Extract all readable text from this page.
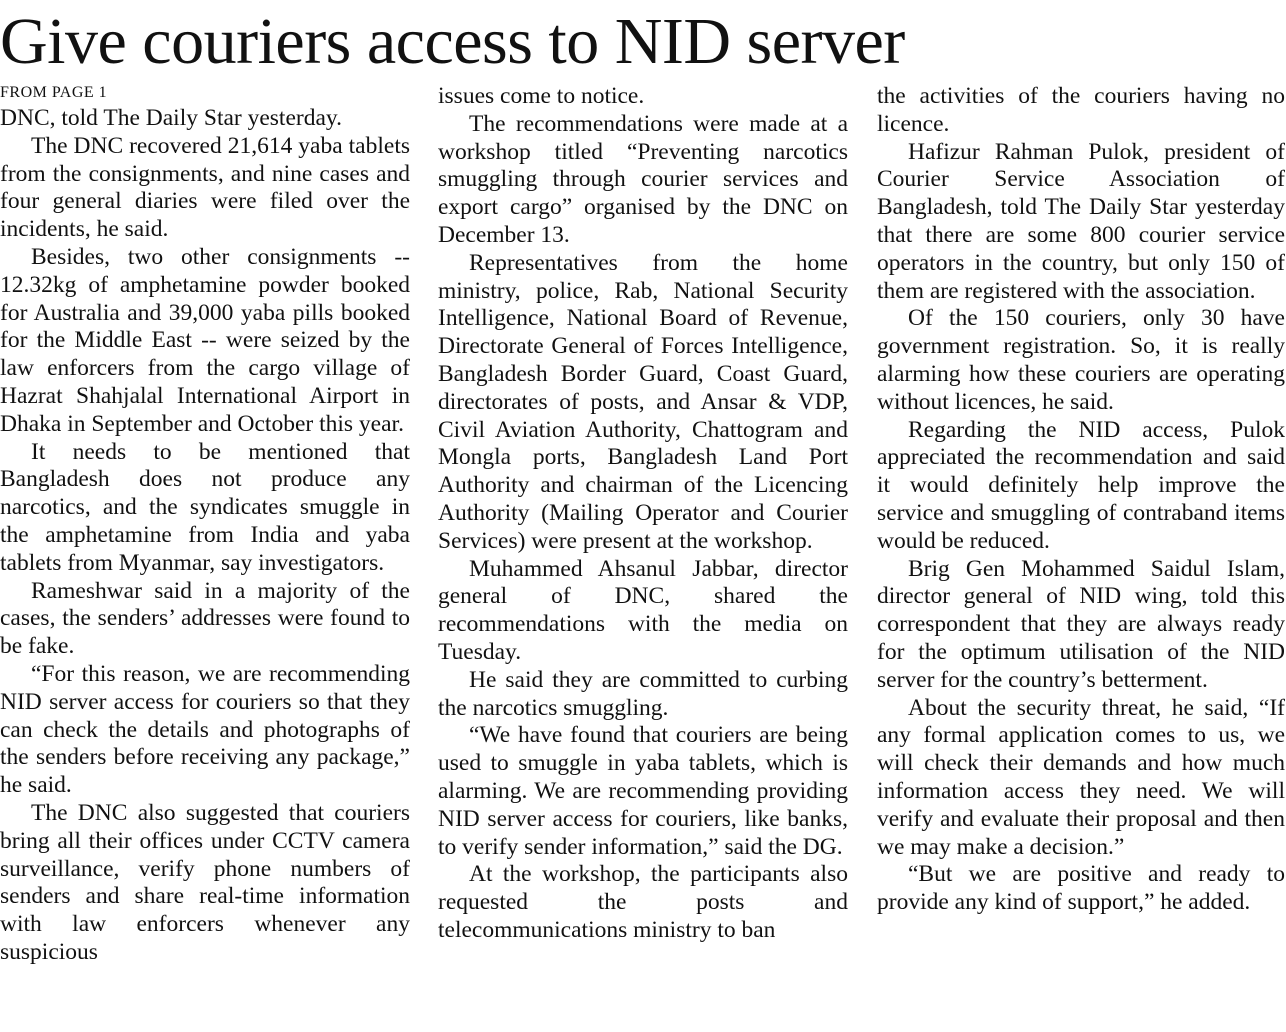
Give couriers access to NID server
FROM PAGE 1

DNC, told The Daily Star yesterday.

The DNC recovered 21,614 yaba tablets from the consignments, and nine cases and four general diaries were filed over the incidents, he said.

Besides, two other consignments -- 12.32kg of amphetamine powder booked for Australia and 39,000 yaba pills booked for the Middle East -- were seized by the law enforcers from the cargo village of Hazrat Shahjalal International Airport in Dhaka in September and October this year.

It needs to be mentioned that Bangladesh does not produce any narcotics, and the syndicates smuggle in the amphetamine from India and yaba tablets from Myanmar, say investigators.

Rameshwar said in a majority of the cases, the senders’ addresses were found to be fake.

“For this reason, we are recommending NID server access for couriers so that they can check the details and photographs of the senders before receiving any package,” he said.

The DNC also suggested that couriers bring all their offices under CCTV camera surveillance, verify phone numbers of senders and share real-time information with law enforcers whenever any suspicious

issues come to notice.

The recommendations were made at a workshop titled “Preventing narcotics smuggling through courier services and export cargo” organised by the DNC on December 13.

Representatives from the home ministry, police, Rab, National Security Intelligence, National Board of Revenue, Directorate General of Forces Intelligence, Bangladesh Border Guard, Coast Guard, directorates of posts, and Ansar & VDP, Civil Aviation Authority, Chattogram and Mongla ports, Bangladesh Land Port Authority and chairman of the Licencing Authority (Mailing Operator and Courier Services) were present at the workshop.

Muhammed Ahsanul Jabbar, director general of DNC, shared the recommendations with the media on Tuesday.

He said they are committed to curbing the narcotics smuggling.

“We have found that couriers are being used to smuggle in yaba tablets, which is alarming. We are recommending providing NID server access for couriers, like banks, to verify sender information,” said the DG.

At the workshop, the participants also requested the posts and telecommunications ministry to ban

the activities of the couriers having no licence.

Hafizur Rahman Pulok, president of Courier Service Association of Bangladesh, told The Daily Star yesterday that there are some 800 courier service operators in the country, but only 150 of them are registered with the association.

Of the 150 couriers, only 30 have government registration. So, it is really alarming how these couriers are operating without licences, he said.

Regarding the NID access, Pulok appreciated the recommendation and said it would definitely help improve the service and smuggling of contraband items would be reduced.

Brig Gen Mohammed Saidul Islam, director general of NID wing, told this correspondent that they are always ready for the optimum utilisation of the NID server for the country’s betterment.

About the security threat, he said, “If any formal application comes to us, we will check their demands and how much information access they need. We will verify and evaluate their proposal and then we may make a decision.”

“But we are positive and ready to provide any kind of support,” he added.
